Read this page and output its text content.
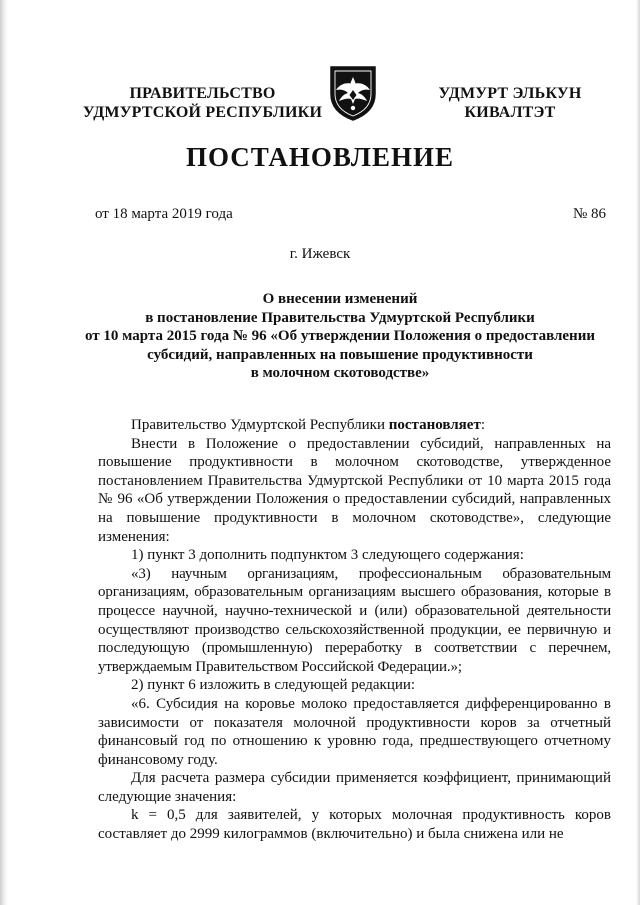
ПРАВИТЕЛЬСТВО
УДМУРТСКОЙ РЕСПУБЛИКИ
УДМУРТ ЭЛЬКУН
КИВАЛТЭТ
ПОСТАНОВЛЕНИЕ
от 18 марта 2019 года	№ 86
г. Ижевск
О внесении изменений
в постановление Правительства Удмуртской Республики
от 10 марта 2015 года № 96 «Об утверждении Положения о предоставлении
субсидий, направленных на повышение продуктивности
в молочном скотоводстве»

Правительство Удмуртской Республики постановляет:

Внести в Положение о предоставлении субсидий, направленных на повышение продуктивности в молочном скотоводстве, утвержденное постановлением Правительства Удмуртской Республики от 10 марта 2015 года № 96 «Об утверждении Положения о предоставлении субсидий, направленных на повышение продуктивности в молочном скотоводстве», следующие изменения:

1) пункт 3 дополнить подпунктом 3 следующего содержания:

«3) научным организациям, профессиональным образовательным организациям, образовательным организациям высшего образования, которые в процессе научной, научно-технической и (или) образовательной деятельности осуществляют производство сельскохозяйственной продукции, ее первичную и последующую (промышленную) переработку в соответствии с перечнем, утверждаемым Правительством Российской Федерации.»;

2) пункт 6 изложить в следующей редакции:

«6. Субсидия на коровье молоко предоставляется дифференцированно в зависимости от показателя молочной продуктивности коров за отчетный финансовый год по отношению к уровню года, предшествующего отчетному финансовому году.

Для расчета размера субсидии применяется коэффициент, принимающий следующие значения:

k = 0,5 для заявителей, у которых молочная продуктивность коров составляет до 2999 килограммов (включительно) и была снижена или не
